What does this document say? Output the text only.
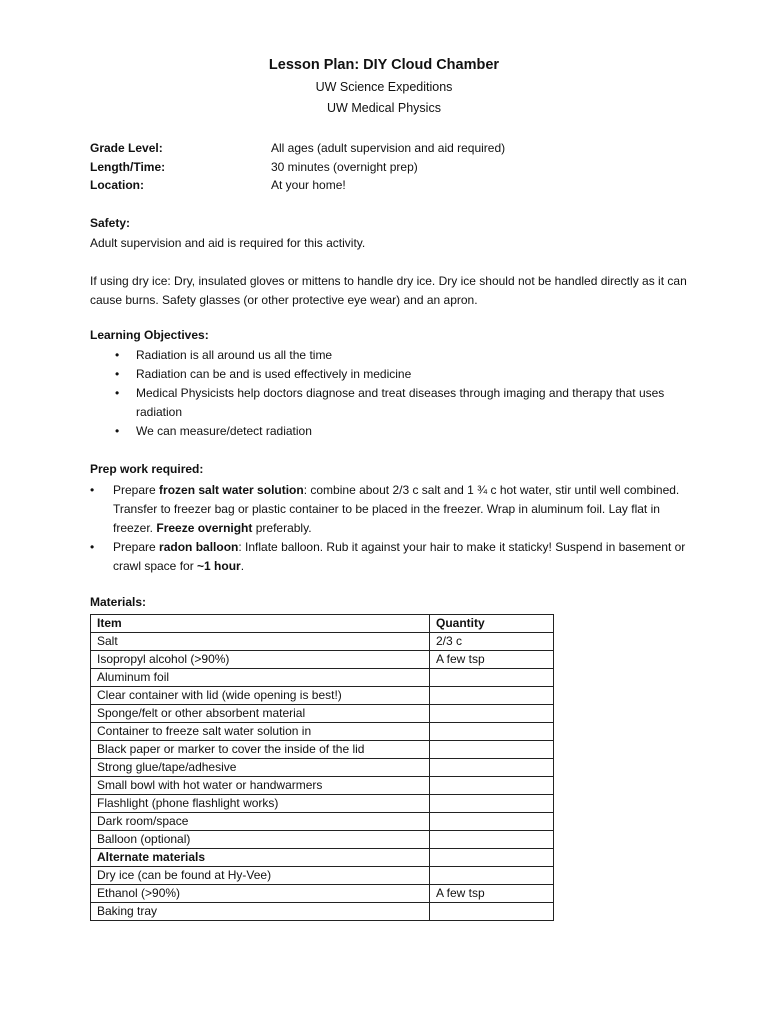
Lesson Plan: DIY Cloud Chamber
UW Science Expeditions
UW Medical Physics
Grade Level:	All ages (adult supervision and aid required)
Length/Time:	30 minutes (overnight prep)
Location:	At your home!
Safety:
Adult supervision and aid is required for this activity.
If using dry ice: Dry, insulated gloves or mittens to handle dry ice. Dry ice should not be handled directly as it can cause burns. Safety glasses (or other protective eye wear) and an apron.
Learning Objectives:
• Radiation is all around us all the time
• Radiation can be and is used effectively in medicine
• Medical Physicists help doctors diagnose and treat diseases through imaging and therapy that uses radiation
• We can measure/detect radiation
Prep work required:
• Prepare frozen salt water solution: combine about 2/3 c salt and 1 ¾ c hot water, stir until well combined. Transfer to freezer bag or plastic container to be placed in the freezer. Wrap in aluminum foil. Lay flat in freezer. Freeze overnight preferably.
• Prepare radon balloon: Inflate balloon. Rub it against your hair to make it staticky! Suspend in basement or crawl space for ~1 hour.
Materials:
Item	Quantity
Salt	2/3 c
Isopropyl alcohol (>90%)	A few tsp
Aluminum foil	
Clear container with lid (wide opening is best!)	
Sponge/felt or other absorbent material	
Container to freeze salt water solution in	
Black paper or marker to cover the inside of the lid	
Strong glue/tape/adhesive	
Small bowl with hot water or handwarmers	
Flashlight (phone flashlight works)	
Dark room/space	
Balloon (optional)	
Alternate materials	
Dry ice (can be found at Hy-Vee)	
Ethanol (>90%)	A few tsp
Baking tray	
